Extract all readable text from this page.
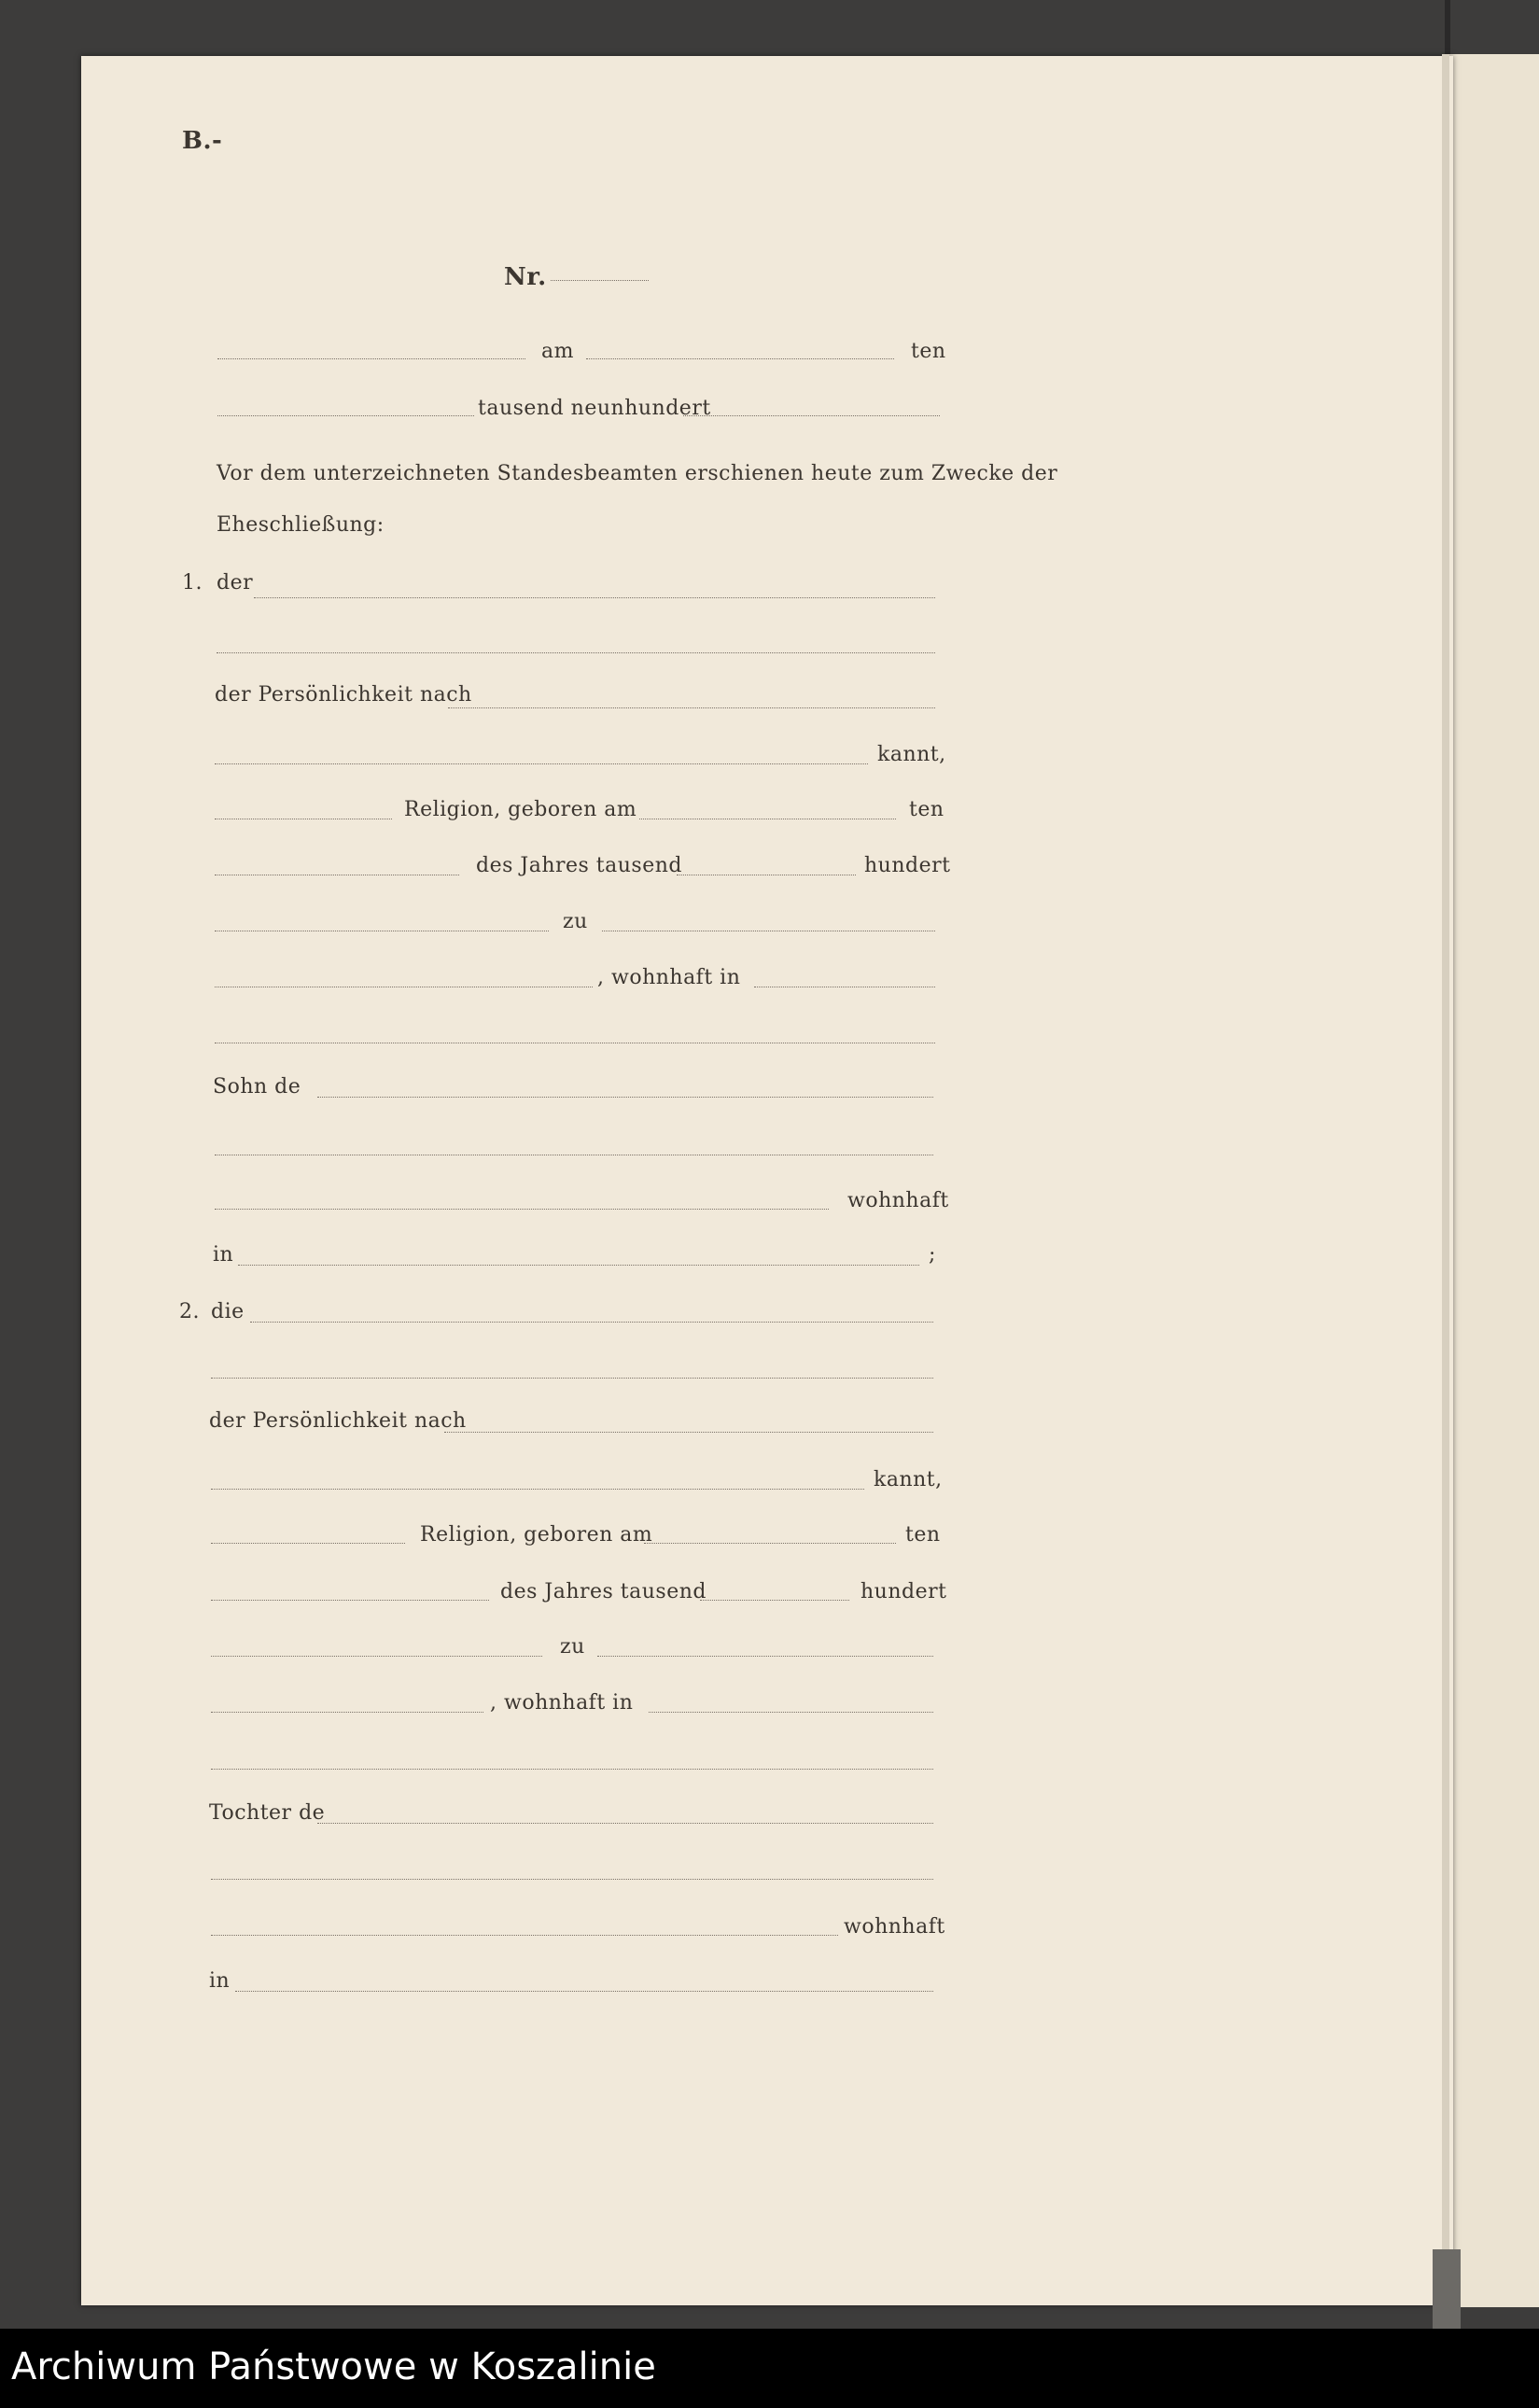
B.-
Nr.
am	ten
tausend neunhundert
Vor dem unterzeichneten Standesbeamten erschienen heute zum Zwecke der
Eheschließung:
1. der
der Persönlichkeit nach
kannt,
Religion, geboren am	ten
des Jahres tausend	hundert
zu
, wohnhaft in
Sohn de
wohnhaft
in	;
2. die
der Persönlichkeit nach
kannt,
Religion, geboren am	ten
des Jahres tausend	hundert
zu
, wohnhaft in
Tochter de
wohnhaft
in
Archiwum Państwowe w Koszalinie
